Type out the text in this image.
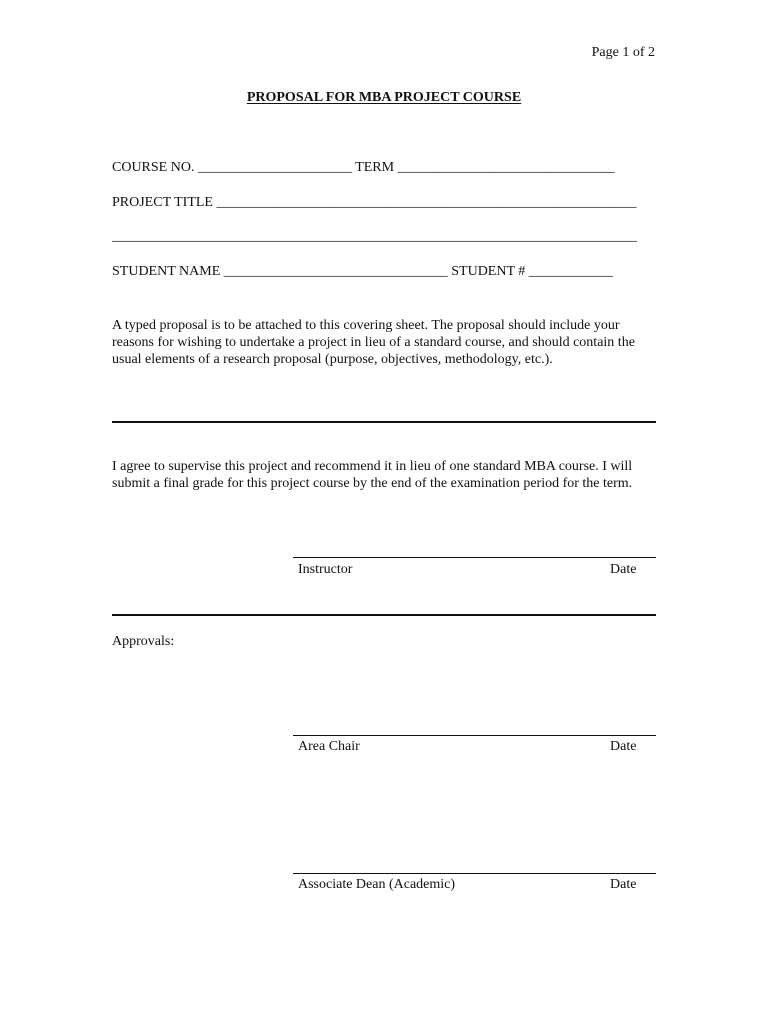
Page 1 of 2
PROPOSAL FOR MBA PROJECT COURSE
COURSE NO. ______________________ TERM _______________________________
PROJECT TITLE ____________________________________________________________
___________________________________________________________________________
STUDENT NAME ________________________________ STUDENT # ____________
A typed proposal is to be attached to this covering sheet. The proposal should include your reasons for wishing to undertake a project in lieu of a standard course, and should contain the usual elements of a research proposal (purpose, objectives, methodology, etc.).
I agree to supervise this project and recommend it in lieu of one standard MBA course. I will submit a final grade for this project course by the end of the examination period for the term.
Instructor	Date
Approvals:
Area Chair	Date
Associate Dean (Academic)	Date
